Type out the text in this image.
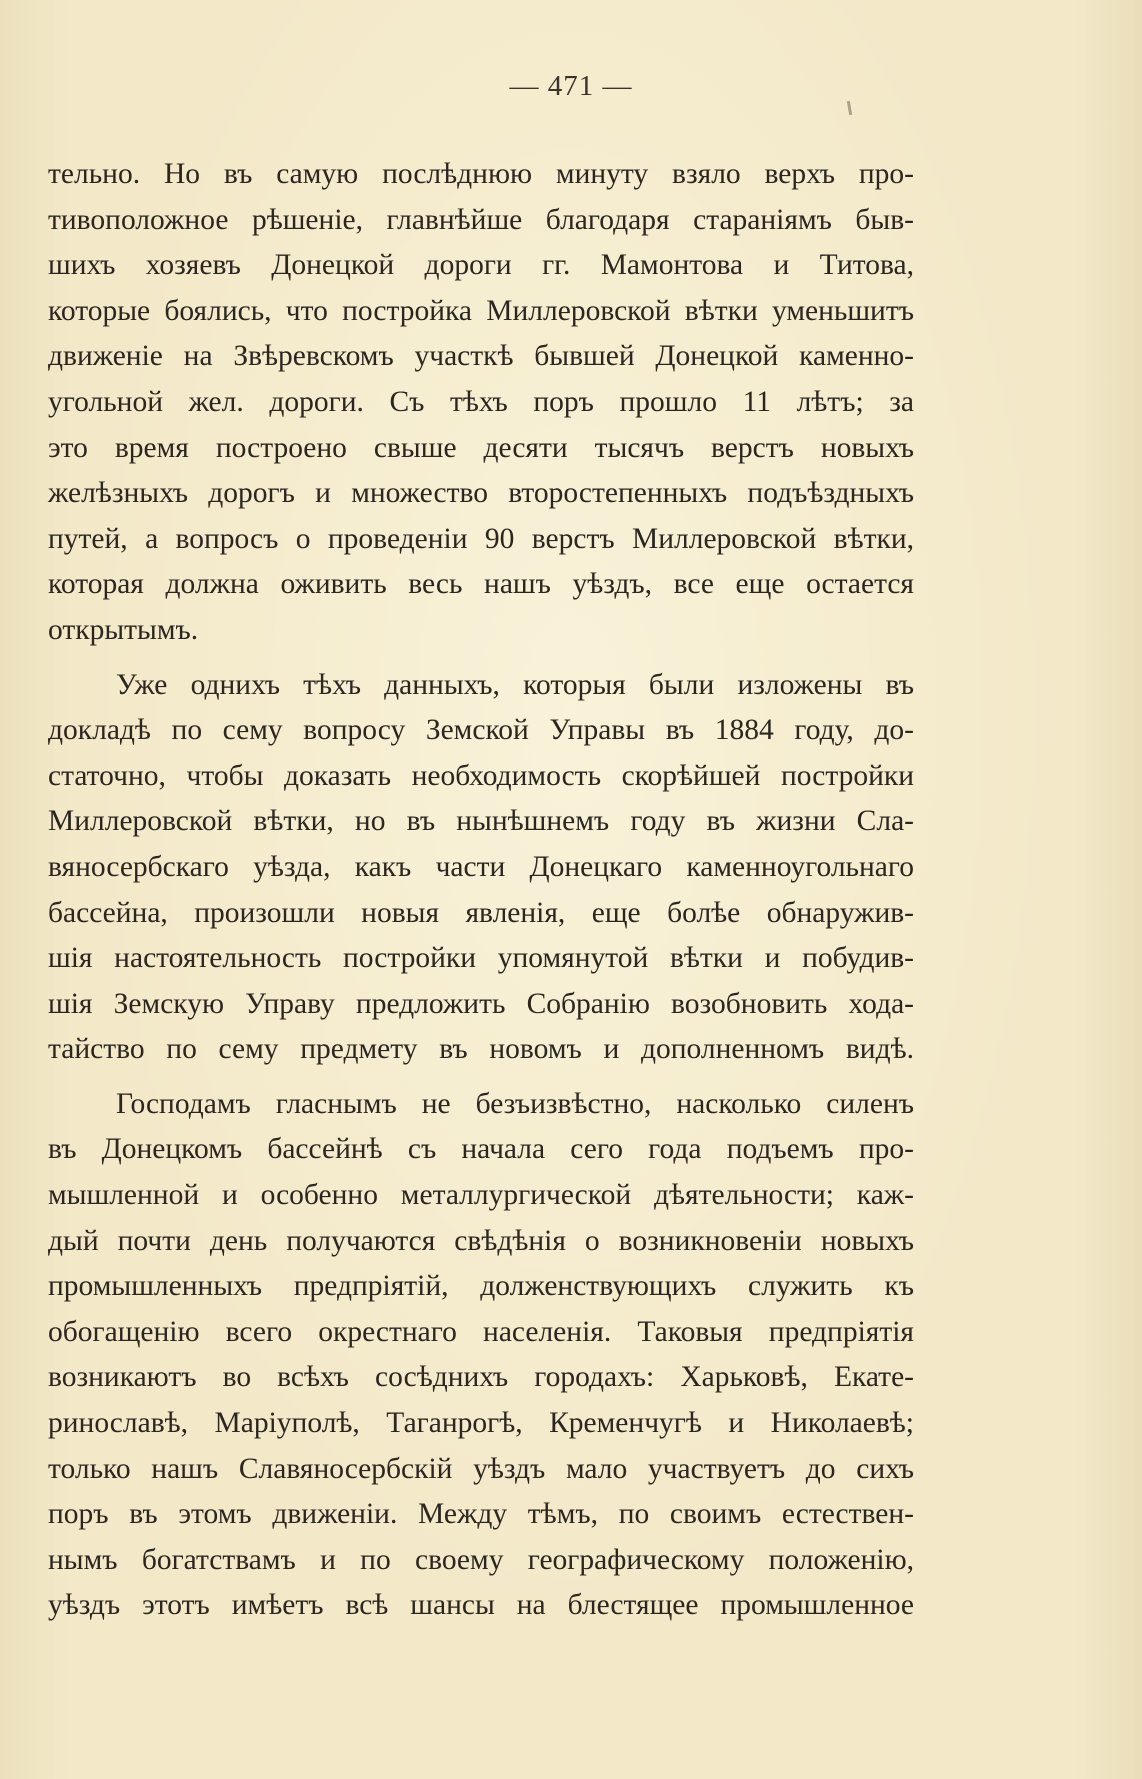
— 471 —
тельно. Но въ самую послѣднюю минуту взяло верхъ про-
тивоположное рѣшеніе, главнѣйше благодаря стараніямъ быв-
шихъ хозяевъ Донецкой дороги гг. Мамонтова и Титова,
которые боялись, что постройка Миллеровской вѣтки уменьшитъ
движеніе на Звѣревскомъ участкѣ бывшей Донецкой каменно-
угольной жел. дороги. Съ тѣхъ поръ прошло 11 лѣтъ; за
это время построено свыше десяти тысячъ верстъ новыхъ
желѣзныхъ дорогъ и множество второстепенныхъ подъѣздныхъ
путей, а вопросъ о проведеніи 90 верстъ Миллеровской вѣтки,
которая должна оживить весь нашъ уѣздъ, все еще остается
открытымъ.
Уже однихъ тѣхъ данныхъ, которыя были изложены въ
докладѣ по сему вопросу Земской Управы въ 1884 году, до-
статочно, чтобы доказать необходимость скорѣйшей постройки
Миллеровской вѣтки, но въ нынѣшнемъ году въ жизни Сла-
вяносербскаго уѣзда, какъ части Донецкаго каменноугольнаго
бассейна, произошли новыя явленія, еще болѣе обнаружив-
шія настоятельность постройки упомянутой вѣтки и побудив-
шія Земскую Управу предложить Собранію возобновить хода-
тайство по сему предмету въ новомъ и дополненномъ видѣ.
Господамъ гласнымъ не безъизвѣстно, насколько силенъ
въ Донецкомъ бассейнѣ съ начала сего года подъемъ про-
мышленной и особенно металлургической дѣятельности; каж-
дый почти день получаются свѣдѣнія о возникновеніи новыхъ
промышленныхъ предпріятій, долженствующихъ служить къ
обогащенію всего окрестнаго населенія. Таковыя предпріятія
возникаютъ во всѣхъ сосѣднихъ городахъ: Харьковѣ, Екате-
ринославѣ, Маріуполѣ, Таганрогѣ, Кременчугѣ и Николаевѣ;
только нашъ Славяносербскій уѣздъ мало участвуетъ до сихъ
поръ въ этомъ движеніи. Между тѣмъ, по своимъ естествен-
нымъ богатствамъ и по своему географическому положенію,
уѣздъ этотъ имѣетъ всѣ шансы на блестящее промышленное
